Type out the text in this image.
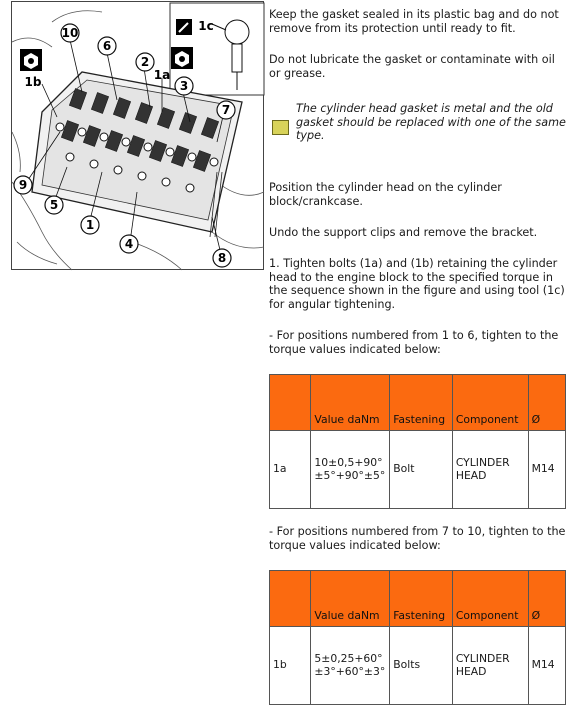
10
6
2
3
7
8
4
1
5
9
1a
1b
1c

Keep the gasket sealed in its plastic bag and do not remove from its protection until ready to fit.

Do not lubricate the gasket or contaminate with oil or grease.

The cylinder head gasket is metal and the old gasket should be replaced with one of the same type.

Position the cylinder head on the cylinder block/crankcase.

Undo the support clips and remove the bracket.

1. Tighten bolts (1a) and (1b) retaining the cylinder head to the engine block to the specified torque in the sequence shown in the figure and using tool (1c) for angular tightening.

- For positions numbered from 1 to 6, tighten to the torque values indicated below:

	Value daNm	Fastening	Component	Ø
1a	10±0,5+90°±5°+90°±5°	Bolt	CYLINDER HEAD	M14

- For positions numbered from 7 to 10, tighten to the torque values indicated below:

	Value daNm	Fastening	Component	Ø
1b	5±0,25+60°±3°+60°±3°	Bolts	CYLINDER HEAD	M14
